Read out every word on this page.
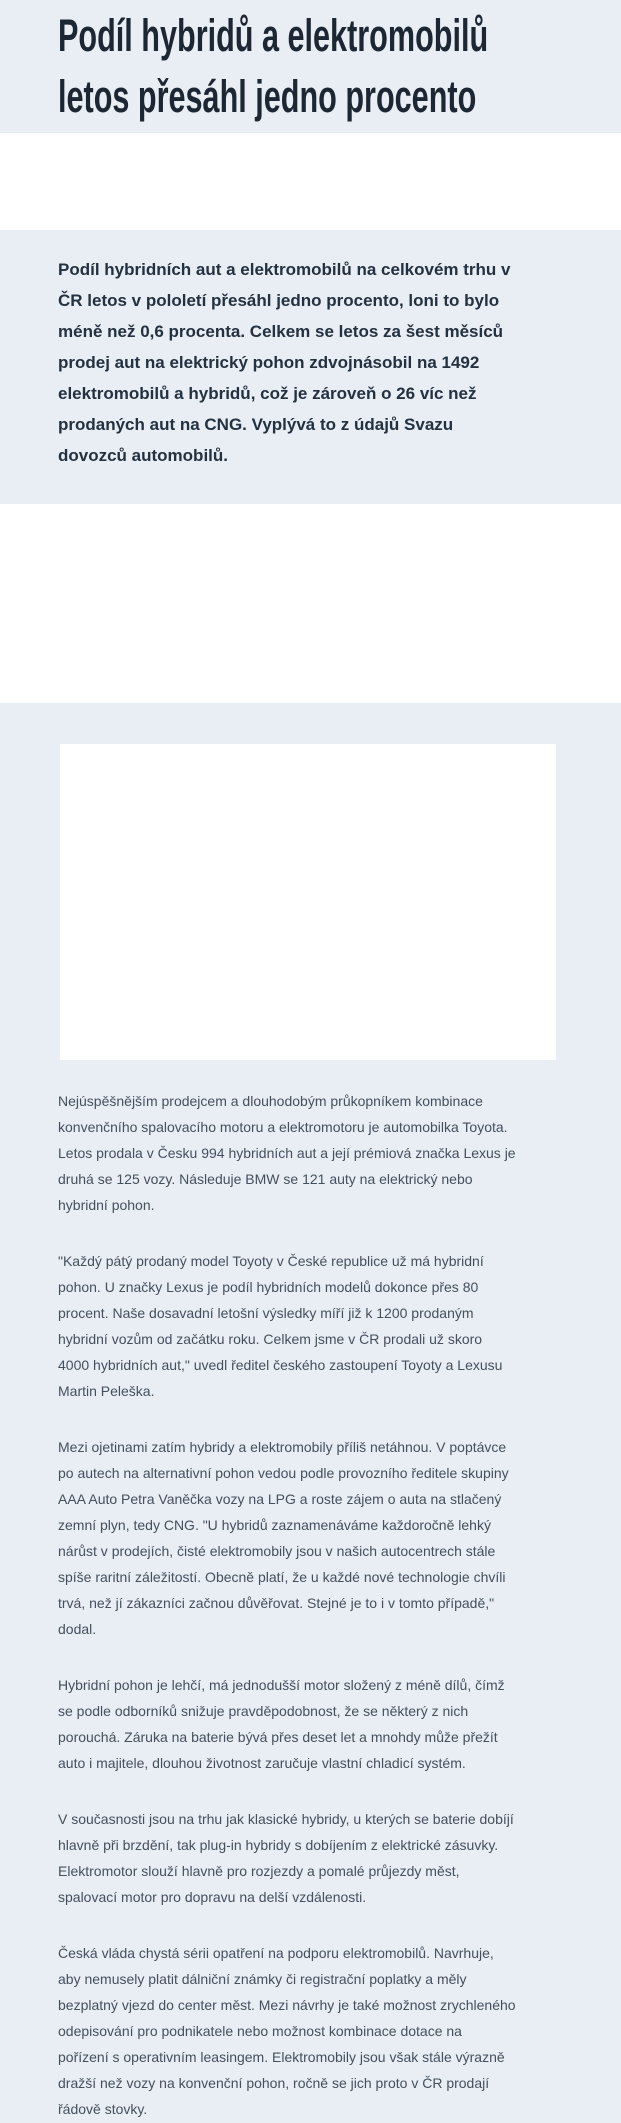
Podíl hybridů a elektromobilů
letos přesáhl jedno procento

Podíl hybridních aut a elektromobilů na celkovém trhu v ČR letos v pololetí přesáhl jedno procento, loni to bylo méně než 0,6 procenta. Celkem se letos za šest měsíců prodej aut na elektrický pohon zdvojnásobil na 1492 elektromobilů a hybridů, což je zároveň o 26 víc než prodaných aut na CNG. Vyplývá to z údajů Svazu dovozců automobilů.

Nejúspěšnějším prodejcem a dlouhodobým průkopníkem kombinace konvenčního spalovacího motoru a elektromotoru je automobilka Toyota. Letos prodala v Česku 994 hybridních aut a její prémiová značka Lexus je druhá se 125 vozy. Následuje BMW se 121 auty na elektrický nebo hybridní pohon.

"Každý pátý prodaný model Toyoty v České republice už má hybridní pohon. U značky Lexus je podíl hybridních modelů dokonce přes 80 procent. Naše dosavadní letošní výsledky míří již k 1200 prodaným hybridní vozům od začátku roku. Celkem jsme v ČR prodali už skoro 4000 hybridních aut," uvedl ředitel českého zastoupení Toyoty a Lexusu Martin Peleška.

Mezi ojetinami zatím hybridy a elektromobily příliš netáhnou. V poptávce po autech na alternativní pohon vedou podle provozního ředitele skupiny AAA Auto Petra Vaněčka vozy na LPG a roste zájem o auta na stlačený zemní plyn, tedy CNG. "U hybridů zaznamenáváme každoročně lehký nárůst v prodejích, čisté elektromobily jsou v našich autocentrech stále spíše raritní záležitostí. Obecně platí, že u každé nové technologie chvíli trvá, než jí zákazníci začnou důvěřovat. Stejné je to i v tomto případě," dodal.

Hybridní pohon je lehčí, má jednodušší motor složený z méně dílů, čímž se podle odborníků snižuje pravděpodobnost, že se některý z nich porouchá. Záruka na baterie bývá přes deset let a mnohdy může přežít auto i majitele, dlouhou životnost zaručuje vlastní chladicí systém.

V současnosti jsou na trhu jak klasické hybridy, u kterých se baterie dobíjí hlavně při brzdění, tak plug-in hybridy s dobíjením z elektrické zásuvky. Elektromotor slouží hlavně pro rozjezdy a pomalé průjezdy měst, spalovací motor pro dopravu na delší vzdálenosti.

Česká vláda chystá sérii opatření na podporu elektromobilů. Navrhuje, aby nemusely platit dálniční známky či registrační poplatky a měly bezplatný vjezd do center měst. Mezi návrhy je také možnost zrychleného odepisování pro podnikatele nebo možnost kombinace dotace na pořízení s operativním leasingem. Elektromobily jsou však stále výrazně dražší než vozy na konvenční pohon, ročně se jich proto v ČR prodají řádově stovky.
